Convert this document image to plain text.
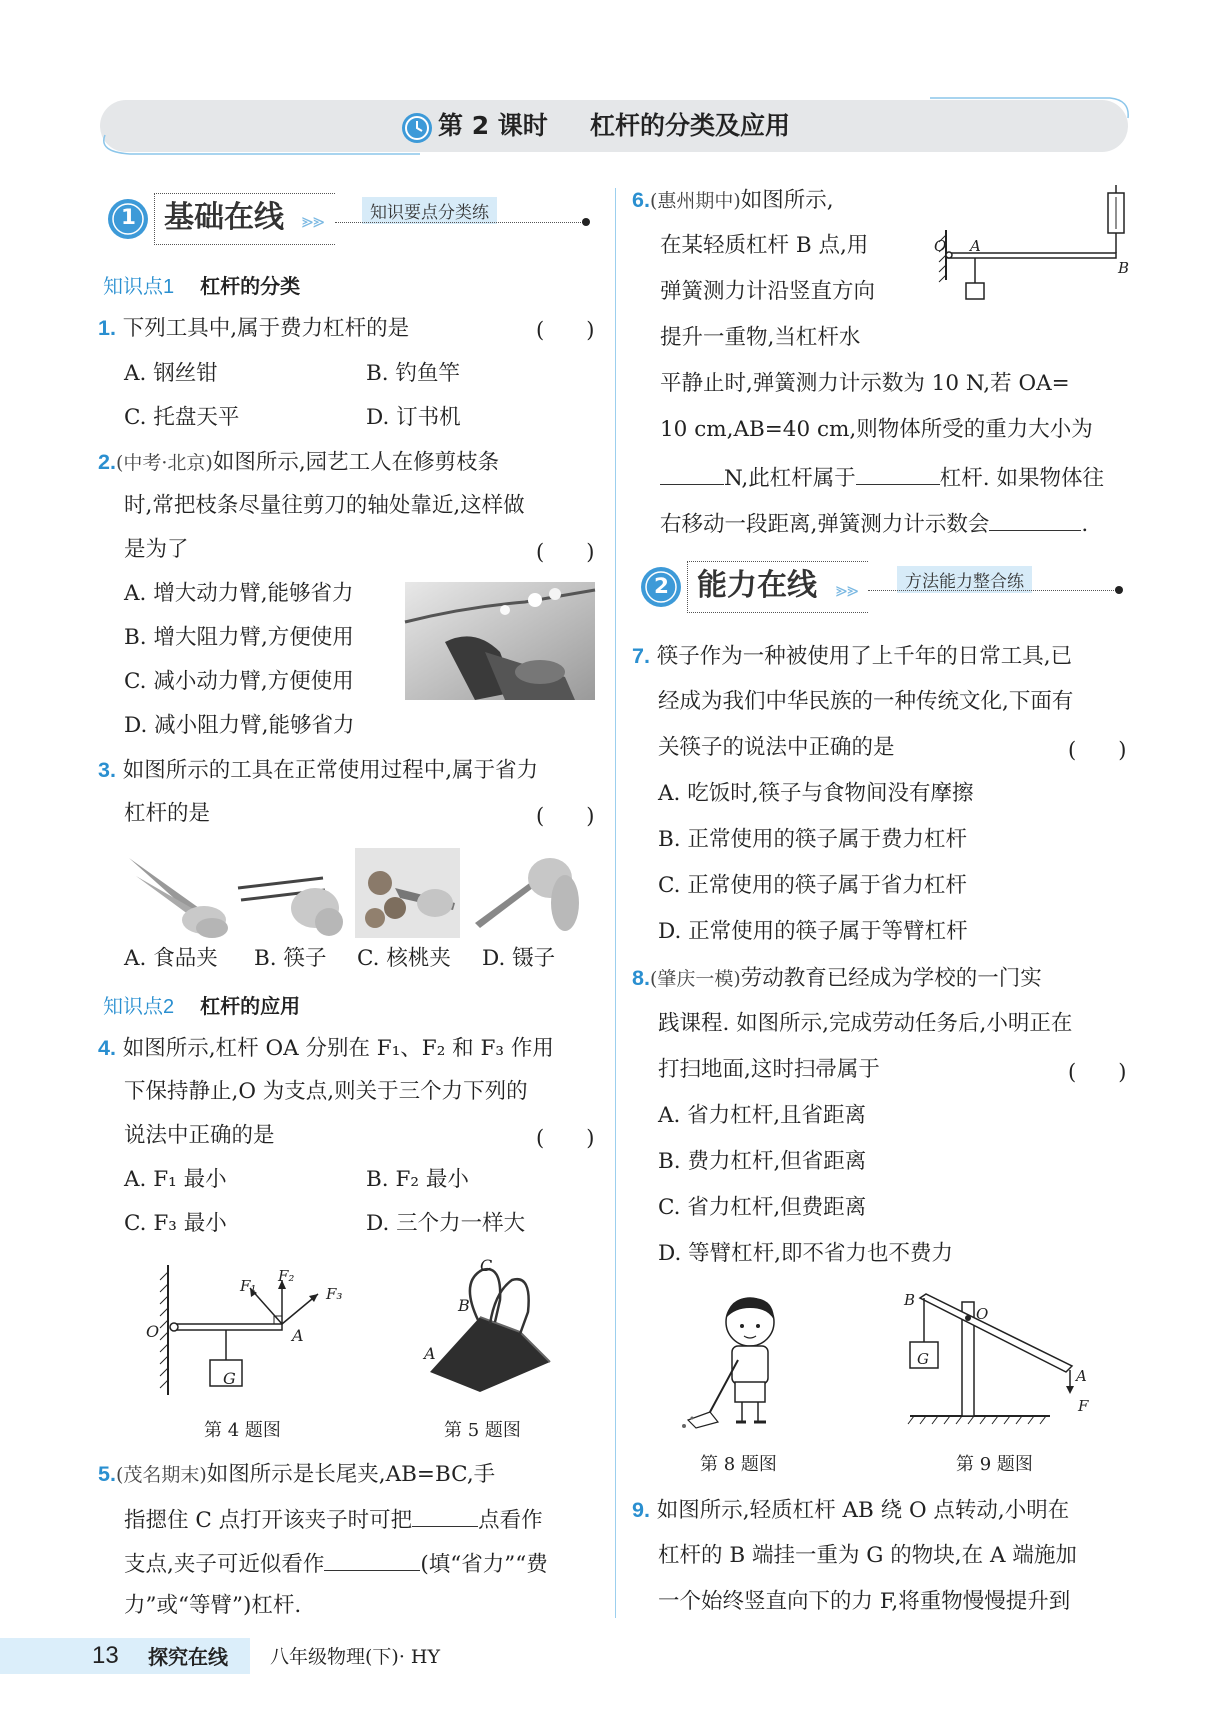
第 2 课时 杠杆的分类及应用
1 基础在线 ⪢⪢	知识要点分类练
知识点1 杠杆的分类
1. 下列工具中,属于费力杠杆的是	(　　)
A. 钢丝钳	B. 钓鱼竿
C. 托盘天平	D. 订书机
2.(中考·北京)如图所示,园艺工人在修剪枝条
时,常把枝条尽量往剪刀的轴处靠近,这样做
是为了	(　　)
A. 增大动力臂,能够省力
B. 增大阻力臂,方便使用
C. 减小动力臂,方便使用
D. 减小阻力臂,能够省力
3. 如图所示的工具在正常使用过程中,属于省力
杠杆的是	(　　)
A. 食品夹 B. 筷子 C. 核桃夹 D. 镊子
知识点2 杠杆的应用
4. 如图所示,杠杆 OA 分别在 F₁、F₂ 和 F₃ 作用
下保持静止,O 为支点,则关于三个力下列的
说法中正确的是	(　　)
A. F₁ 最小	B. F₂ 最小
C. F₃ 最小	D. 三个力一样大
O	A
G
F₁
F₂
F₃
第 4 题图
C
B
A
第 5 题图
5.(茂名期末)如图所示是长尾夹,AB=BC,手
指摁住 C 点打开该夹子时可把	点看作
支点,夹子可近似看作	(填“省力”“费
力”或“等臂”)杠杆.
6.(惠州期中)如图所示,
在某轻质杠杆 B 点,用
弹簧测力计沿竖直方向
提升一重物,当杠杆水
O A
B
平静止时,弹簧测力计示数为 10 N,若 OA=
10 cm,AB=40 cm,则物体所受的重力大小为
N,此杠杆属于	杠杆. 如果物体往
右移动一段距离,弹簧测力计示数会	.
2 能力在线 ⪢⪢	方法能力整合练
7. 筷子作为一种被使用了上千年的日常工具,已
经成为我们中华民族的一种传统文化,下面有
关筷子的说法中正确的是	(　　)
A. 吃饭时,筷子与食物间没有摩擦
B. 正常使用的筷子属于费力杠杆
C. 正常使用的筷子属于省力杠杆
D. 正常使用的筷子属于等臂杠杆
8.(肇庆一模)劳动教育已经成为学校的一门实
践课程. 如图所示,完成劳动任务后,小明正在
打扫地面,这时扫帚属于	(　　)
A. 省力杠杆,且省距离
B. 费力杠杆,但省距离
C. 省力杠杆,但费距离
D. 等臂杠杆,即不省力也不费力
第 8 题图
B
O
A
F
G
第 9 题图
9. 如图所示,轻质杠杆 AB 绕 O 点转动,小明在
杠杆的 B 端挂一重为 G 的物块,在 A 端施加
一个始终竖直向下的力 F,将重物慢慢提升到
13 探究在线 八年级物理(下)· HY
